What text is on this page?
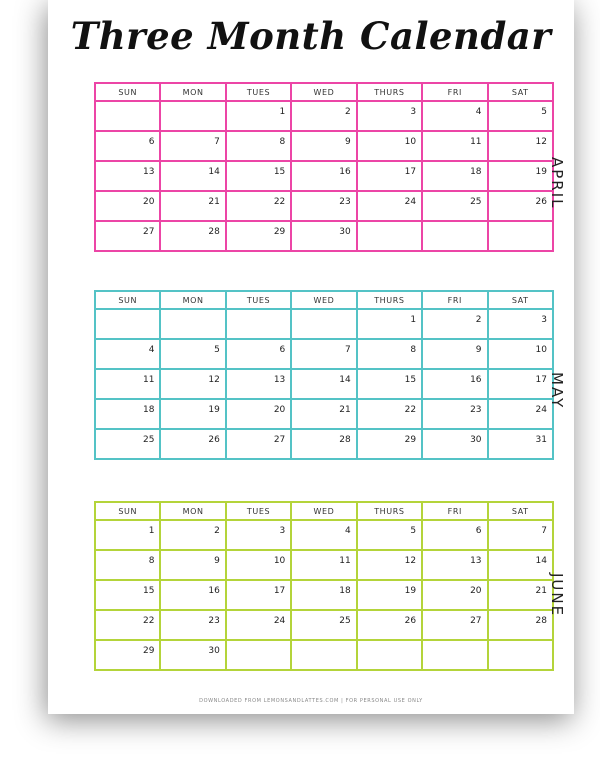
Three Month Calendar
SUN	MON	TUES	WED	THURS	FRI	SAT
		1	2	3	4	5
6	7	8	9	10	11	12
13	14	15	16	17	18	19
20	21	22	23	24	25	26
27	28	29	30			
APRIL
SUN	MON	TUES	WED	THURS	FRI	SAT
				1	2	3
4	5	6	7	8	9	10
11	12	13	14	15	16	17
18	19	20	21	22	23	24
25	26	27	28	29	30	31
MAY
SUN	MON	TUES	WED	THURS	FRI	SAT
1	2	3	4	5	6	7
8	9	10	11	12	13	14
15	16	17	18	19	20	21
22	23	24	25	26	27	28
29	30					
JUNE
DOWNLOADED FROM LEMONSANDLATTES.COM | FOR PERSONAL USE ONLY
